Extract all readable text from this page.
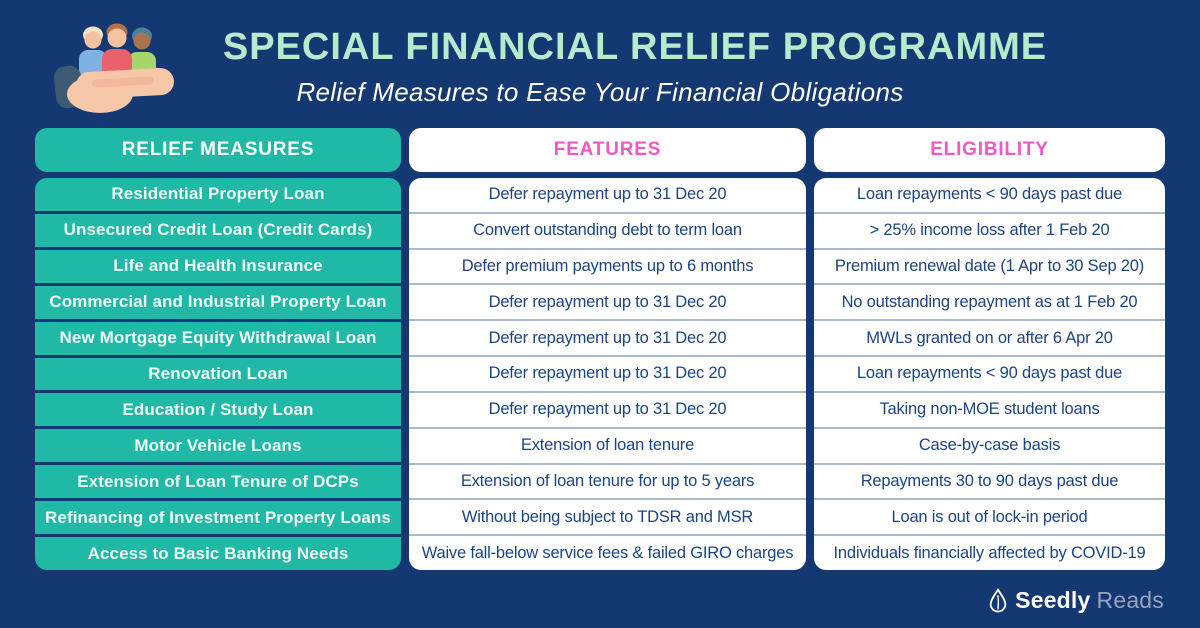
SPECIAL FINANCIAL RELIEF PROGRAMME
Relief Measures to Ease Your Financial Obligations
RELIEF MEASURES
Residential Property Loan
Unsecured Credit Loan (Credit Cards)
Life and Health Insurance
Commercial and Industrial Property Loan
New Mortgage Equity Withdrawal Loan
Renovation Loan
Education / Study Loan
Motor Vehicle Loans
Extension of Loan Tenure of DCPs
Refinancing of Investment Property Loans
Access to Basic Banking Needs
FEATURES
Defer repayment up to 31 Dec 20
Convert outstanding debt to term loan
Defer premium payments up to 6 months
Defer repayment up to 31 Dec 20
Defer repayment up to 31 Dec 20
Defer repayment up to 31 Dec 20
Defer repayment up to 31 Dec 20
Extension of loan tenure
Extension of loan tenure for up to 5 years
Without being subject to TDSR and MSR
Waive fall-below service fees & failed GIRO charges
ELIGIBILITY
Loan repayments < 90 days past due
> 25% income loss after 1 Feb 20
Premium renewal date (1 Apr to 30 Sep 20)
No outstanding repayment as at 1 Feb 20
MWLs granted on or after 6 Apr 20
Loan repayments < 90 days past due
Taking non-MOE student loans
Case-by-case basis
Repayments 30 to 90 days past due
Loan is out of lock-in period
Individuals financially affected by COVID-19
Seedly Reads
